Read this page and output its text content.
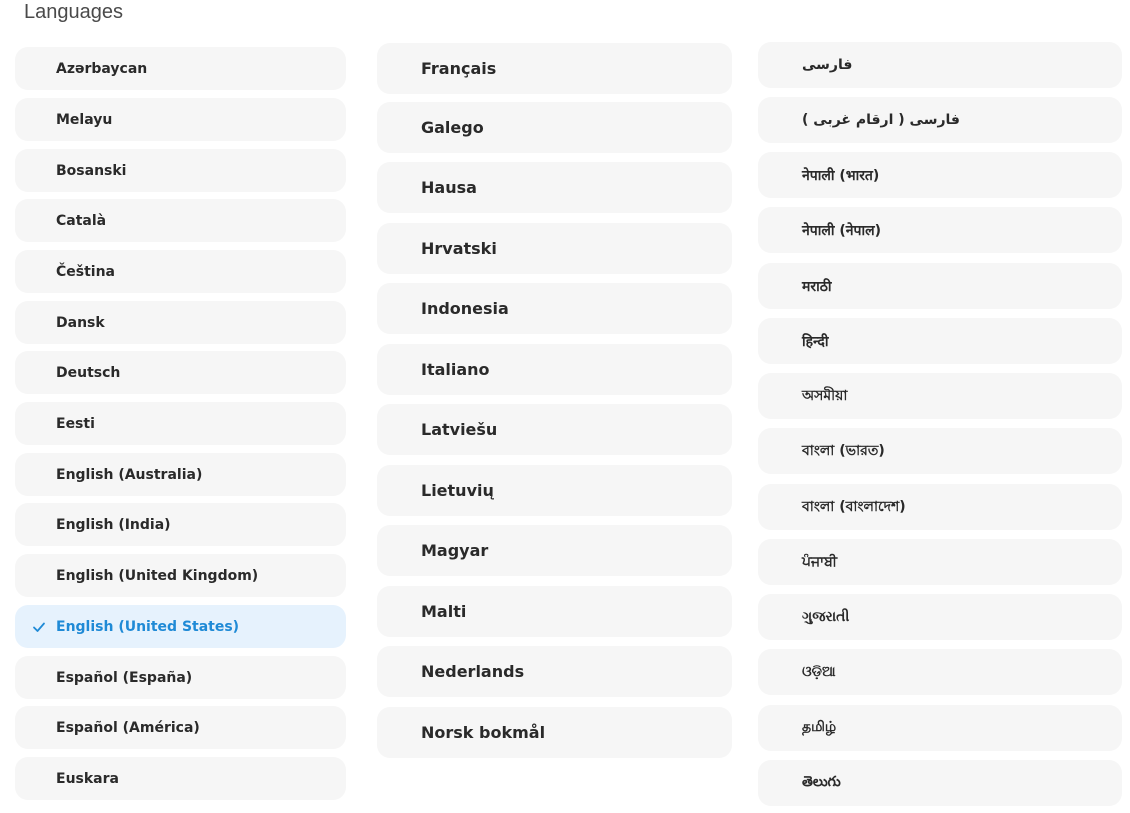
Languages
Azərbaycan
Melayu
Bosanski
Català
Čeština
Dansk
Deutsch
Eesti
English (Australia)
English (India)
English (United Kingdom)
English (United States)
Español (España)
Español (América)
Euskara
Français
Galego
Hausa
Hrvatski
Indonesia
Italiano
Latviešu
Lietuvių
Magyar
Malti
Nederlands
Norsk bokmål
فارسی
فارسی ( ارقام غربی )
नेपाली (भारत)
नेपाली (नेपाल)
मराठी
हिन्दी
অসমীয়া
বাংলা (ভারত)
বাংলা (বাংলাদেশ)
ਪੰਜਾਬੀ
ગુજરાતી
ଓଡ଼ିଆ
தமிழ்
తెలుగు
